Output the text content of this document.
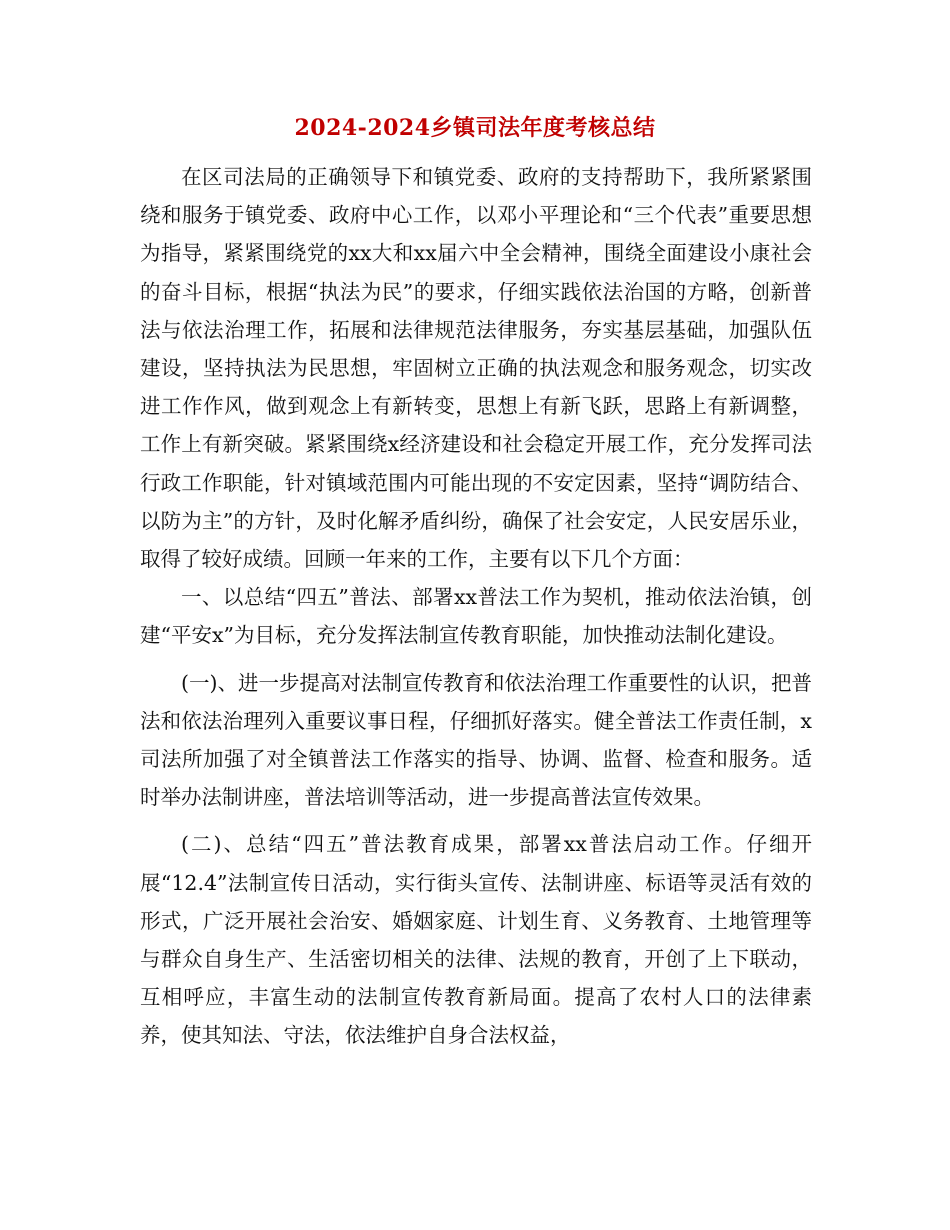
2024-2024乡镇司法年度考核总结

在区司法局的正确领导下和镇党委、政府的支持帮助下，我所紧紧围绕和服务于镇党委、政府中心工作，以邓小平理论和“三个代表”重要思想为指导，紧紧围绕党的xx大和xx届六中全会精神，围绕全面建设小康社会的奋斗目标，根据“执法为民”的要求，仔细实践依法治国的方略，创新普法与依法治理工作，拓展和法律规范法律服务，夯实基层基础，加强队伍建设，坚持执法为民思想，牢固树立正确的执法观念和服务观念，切实改进工作作风，做到观念上有新转变，思想上有新飞跃，思路上有新调整，工作上有新突破。紧紧围绕x经济建设和社会稳定开展工作，充分发挥司法行政工作职能，针对镇域范围内可能出现的不安定因素，坚持“调防结合、以防为主”的方针，及时化解矛盾纠纷，确保了社会安定，人民安居乐业，取得了较好成绩。回顾一年来的工作，主要有以下几个方面：

一、以总结“四五”普法、部署xx普法工作为契机，推动依法治镇，创建“平安x”为目标，充分发挥法制宣传教育职能，加快推动法制化建设。

(一)、进一步提高对法制宣传教育和依法治理工作重要性的认识，把普法和依法治理列入重要议事日程，仔细抓好落实。健全普法工作责任制，x司法所加强了对全镇普法工作落实的指导、协调、监督、检查和服务。适时举办法制讲座，普法培训等活动，进一步提高普法宣传效果。

(二)、总结“四五”普法教育成果，部署xx普法启动工作。仔细开展“12.4”法制宣传日活动，实行街头宣传、法制讲座、标语等灵活有效的形式，广泛开展社会治安、婚姻家庭、计划生育、义务教育、土地管理等与群众自身生产、生活密切相关的法律、法规的教育，开创了上下联动，互相呼应，丰富生动的法制宣传教育新局面。提高了农村人口的法律素养，使其知法、守法，依法维护自身合法权益，
